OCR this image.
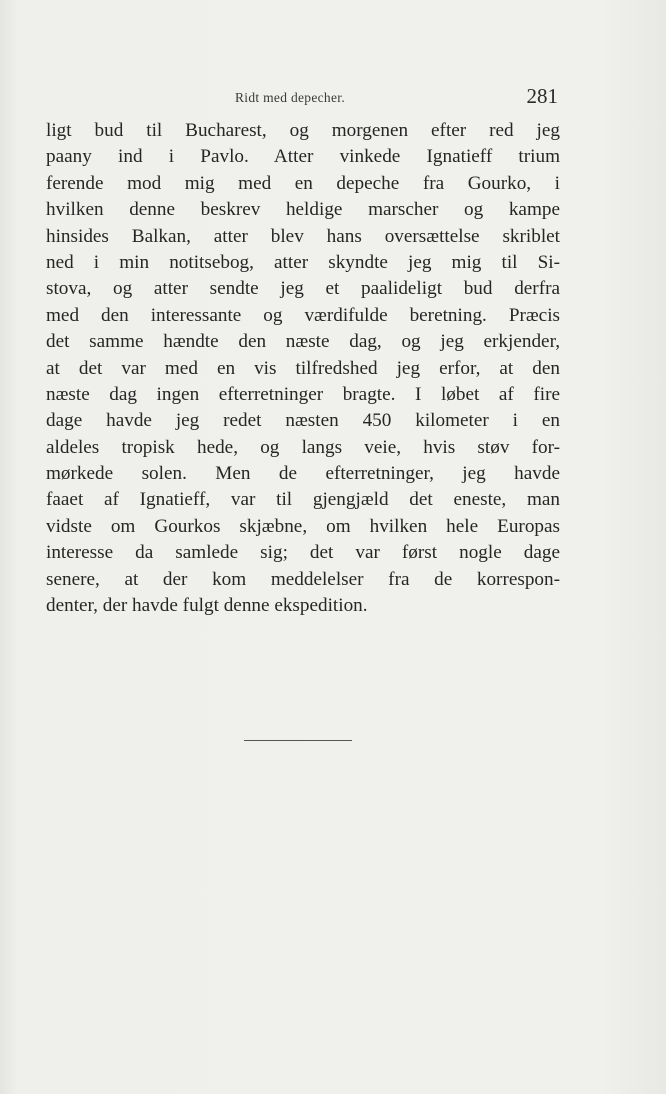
Ridt med depecher.	281
ligt bud til Bucharest, og morgenen efter red jeg
paany ind i Pavlo. Atter vinkede Ignatieff trium
ferende mod mig med en depeche fra Gourko, i
hvilken denne beskrev heldige marscher og kampe
hinsides Balkan, atter blev hans oversættelse skriblet
ned i min notitsebog, atter skyndte jeg mig til Si-
stova, og atter sendte jeg et paalideligt bud derfra
med den interessante og værdifulde beretning. Præcis
det samme hændte den næste dag, og jeg erkjender,
at det var med en vis tilfredshed jeg erfor, at den
næste dag ingen efterretninger bragte. I løbet af fire
dage havde jeg redet næsten 450 kilometer i en
aldeles tropisk hede, og langs veie, hvis støv for-
mørkede solen. Men de efterretninger, jeg havde
faaet af Ignatieff, var til gjengjæld det eneste, man
vidste om Gourkos skjæbne, om hvilken hele Europas
interesse da samlede sig; det var først nogle dage
senere, at der kom meddelelser fra de korrespon-
denter, der havde fulgt denne ekspedition.
